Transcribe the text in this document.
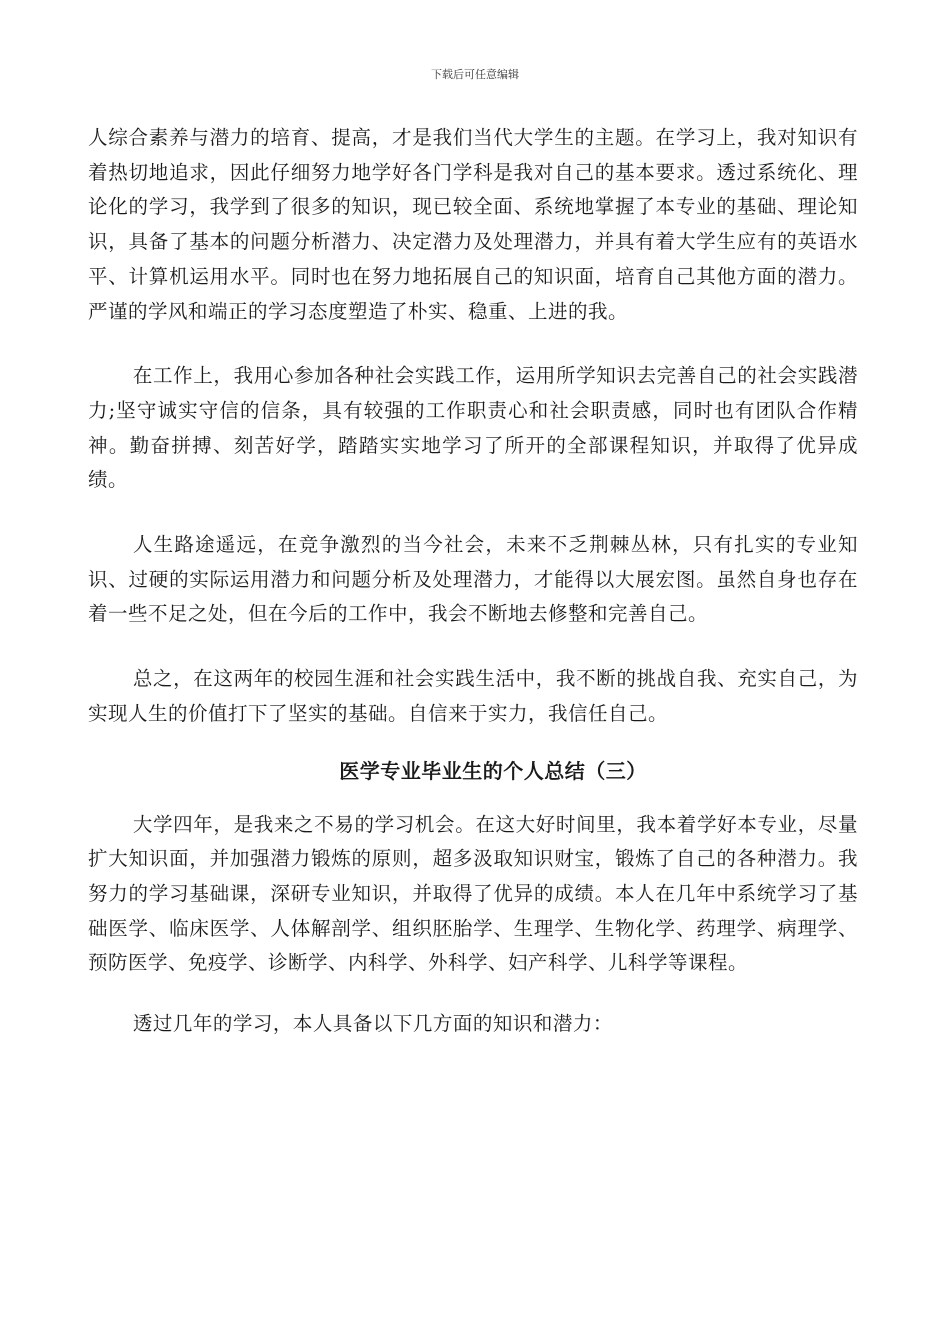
下载后可任意编辑

人综合素养与潜力的培育、提高，才是我们当代大学生的主题。在学习上，我对知识有着热切地追求，因此仔细努力地学好各门学科是我对自己的基本要求。透过系统化、理论化的学习，我学到了很多的知识，现已较全面、系统地掌握了本专业的基础、理论知识，具备了基本的问题分析潜力、决定潜力及处理潜力，并具有着大学生应有的英语水平、计算机运用水平。同时也在努力地拓展自己的知识面，培育自己其他方面的潜力。严谨的学风和端正的学习态度塑造了朴实、稳重、上进的我。

在工作上，我用心参加各种社会实践工作，运用所学知识去完善自己的社会实践潜力;坚守诚实守信的信条，具有较强的工作职责心和社会职责感，同时也有团队合作精神。勤奋拼搏、刻苦好学，踏踏实实地学习了所开的全部课程知识，并取得了优异成绩。

人生路途遥远，在竞争激烈的当今社会，未来不乏荆棘丛林，只有扎实的专业知识、过硬的实际运用潜力和问题分析及处理潜力，才能得以大展宏图。虽然自身也存在着一些不足之处，但在今后的工作中，我会不断地去修整和完善自己。

总之，在这两年的校园生涯和社会实践生活中，我不断的挑战自我、充实自己，为实现人生的价值打下了坚实的基础。自信来于实力，我信任自己。

医学专业毕业生的个人总结（三）

大学四年，是我来之不易的学习机会。在这大好时间里，我本着学好本专业，尽量扩大知识面，并加强潜力锻炼的原则，超多汲取知识财宝，锻炼了自己的各种潜力。我努力的学习基础课，深研专业知识，并取得了优异的成绩。本人在几年中系统学习了基础医学、临床医学、人体解剖学、组织胚胎学、生理学、生物化学、药理学、病理学、预防医学、免疫学、诊断学、内科学、外科学、妇产科学、儿科学等课程。

透过几年的学习，本人具备以下几方面的知识和潜力：
